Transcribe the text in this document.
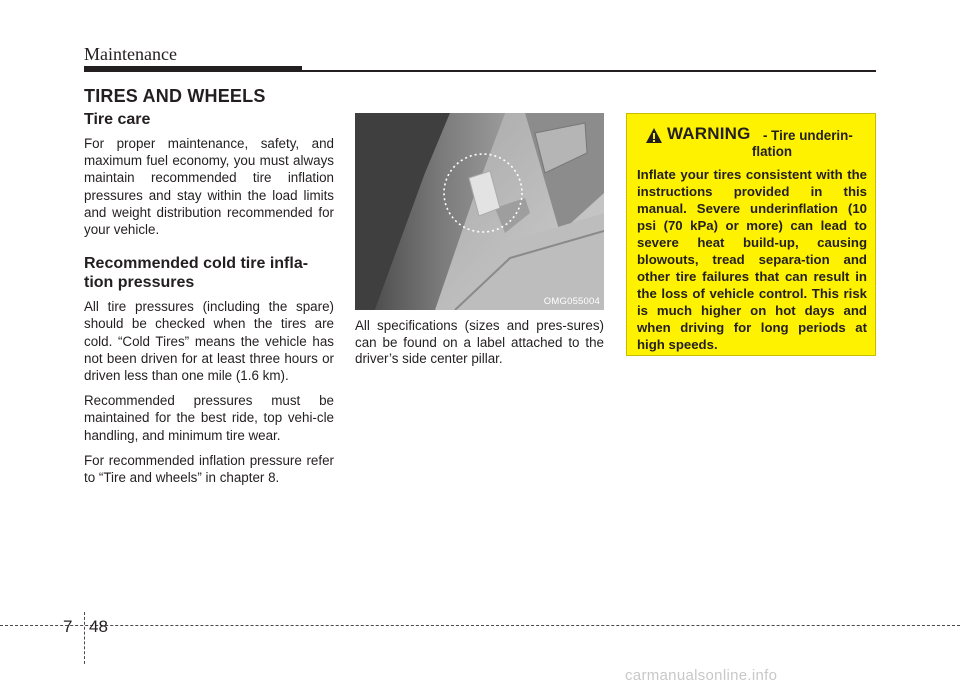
Maintenance
TIRES AND WHEELS
Tire care

For proper maintenance, safety, and maximum fuel economy, you must always maintain recommended tire inflation pressures and stay within the load limits and weight distribution recommended for your vehicle.

Recommended cold tire infla-tion pressures

All tire pressures (including the spare) should be checked when the tires are cold. “Cold Tires” means the vehicle has not been driven for at least three hours or driven less than one mile (1.6 km).

Recommended pressures must be maintained for the best ride, top vehi-cle handling, and minimum tire wear.

For recommended inflation pressure refer to “Tire and wheels” in chapter 8.

OMG055004
All specifications (sizes and pres-sures) can be found on a label attached to the driver’s side center pillar.
WARNING - Tire underin-
flation
Inflate your tires consistent with the instructions provided in this manual. Severe underinflation (10 psi (70 kPa) or more) can lead to severe heat build-up, causing blowouts, tread separa-tion and other tire failures that can result in the loss of vehicle control. This risk is much higher on hot days and when driving for long periods at high speeds.
7 48
carmanualsonline.info
